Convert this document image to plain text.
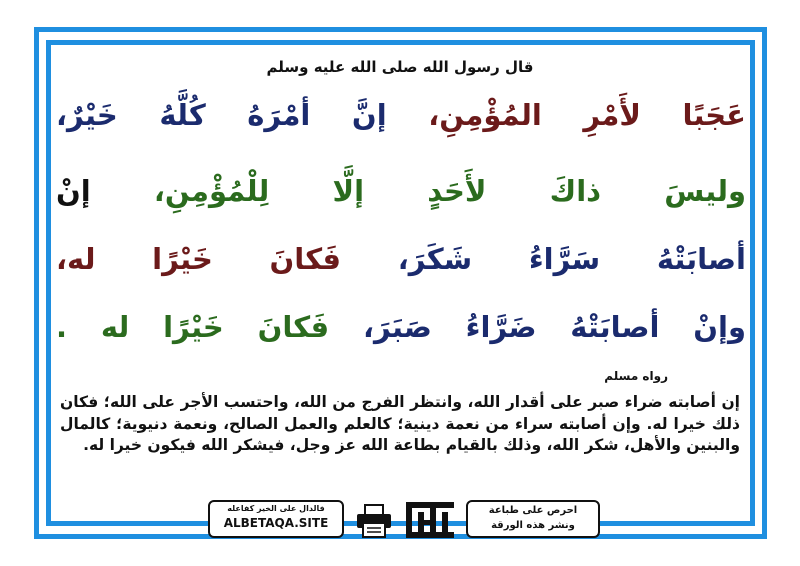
قال رسول الله صلى الله عليه وسلم
عَجَبًا لأَمْرِ المُؤْمِنِ، إنَّ أمْرَهُ كُلَّهُ خَيْرٌ،
وليسَ ذاكَ لأَحَدٍ إلَّا لِلْمُؤْمِنِ، إنْ
أصابَتْهُ سَرَّاءُ شَكَرَ، فَكانَ خَيْرًا له،
وإنْ أصابَتْهُ ضَرَّاءُ صَبَرَ، فَكانَ خَيْرًا له .
رواه مسلم
إن أصابته ضراء صبر على أقدار الله، وانتظر الفرج من الله، واحتسب الأجر على الله؛ فكان ذلك خيرا له. وإن أصابته سراء من نعمة دينية؛ كالعلم والعمل الصالح، ونعمة دنيوية؛ كالمال والبنين والأهل، شكر الله، وذلك بالقيام بطاعة الله عز وجل، فيشكر الله فيكون خيرا له.
فالدال على الخير كفاعله
ALBETAQA.SITE
احرص على طباعة
ونشر هذه الورقة
